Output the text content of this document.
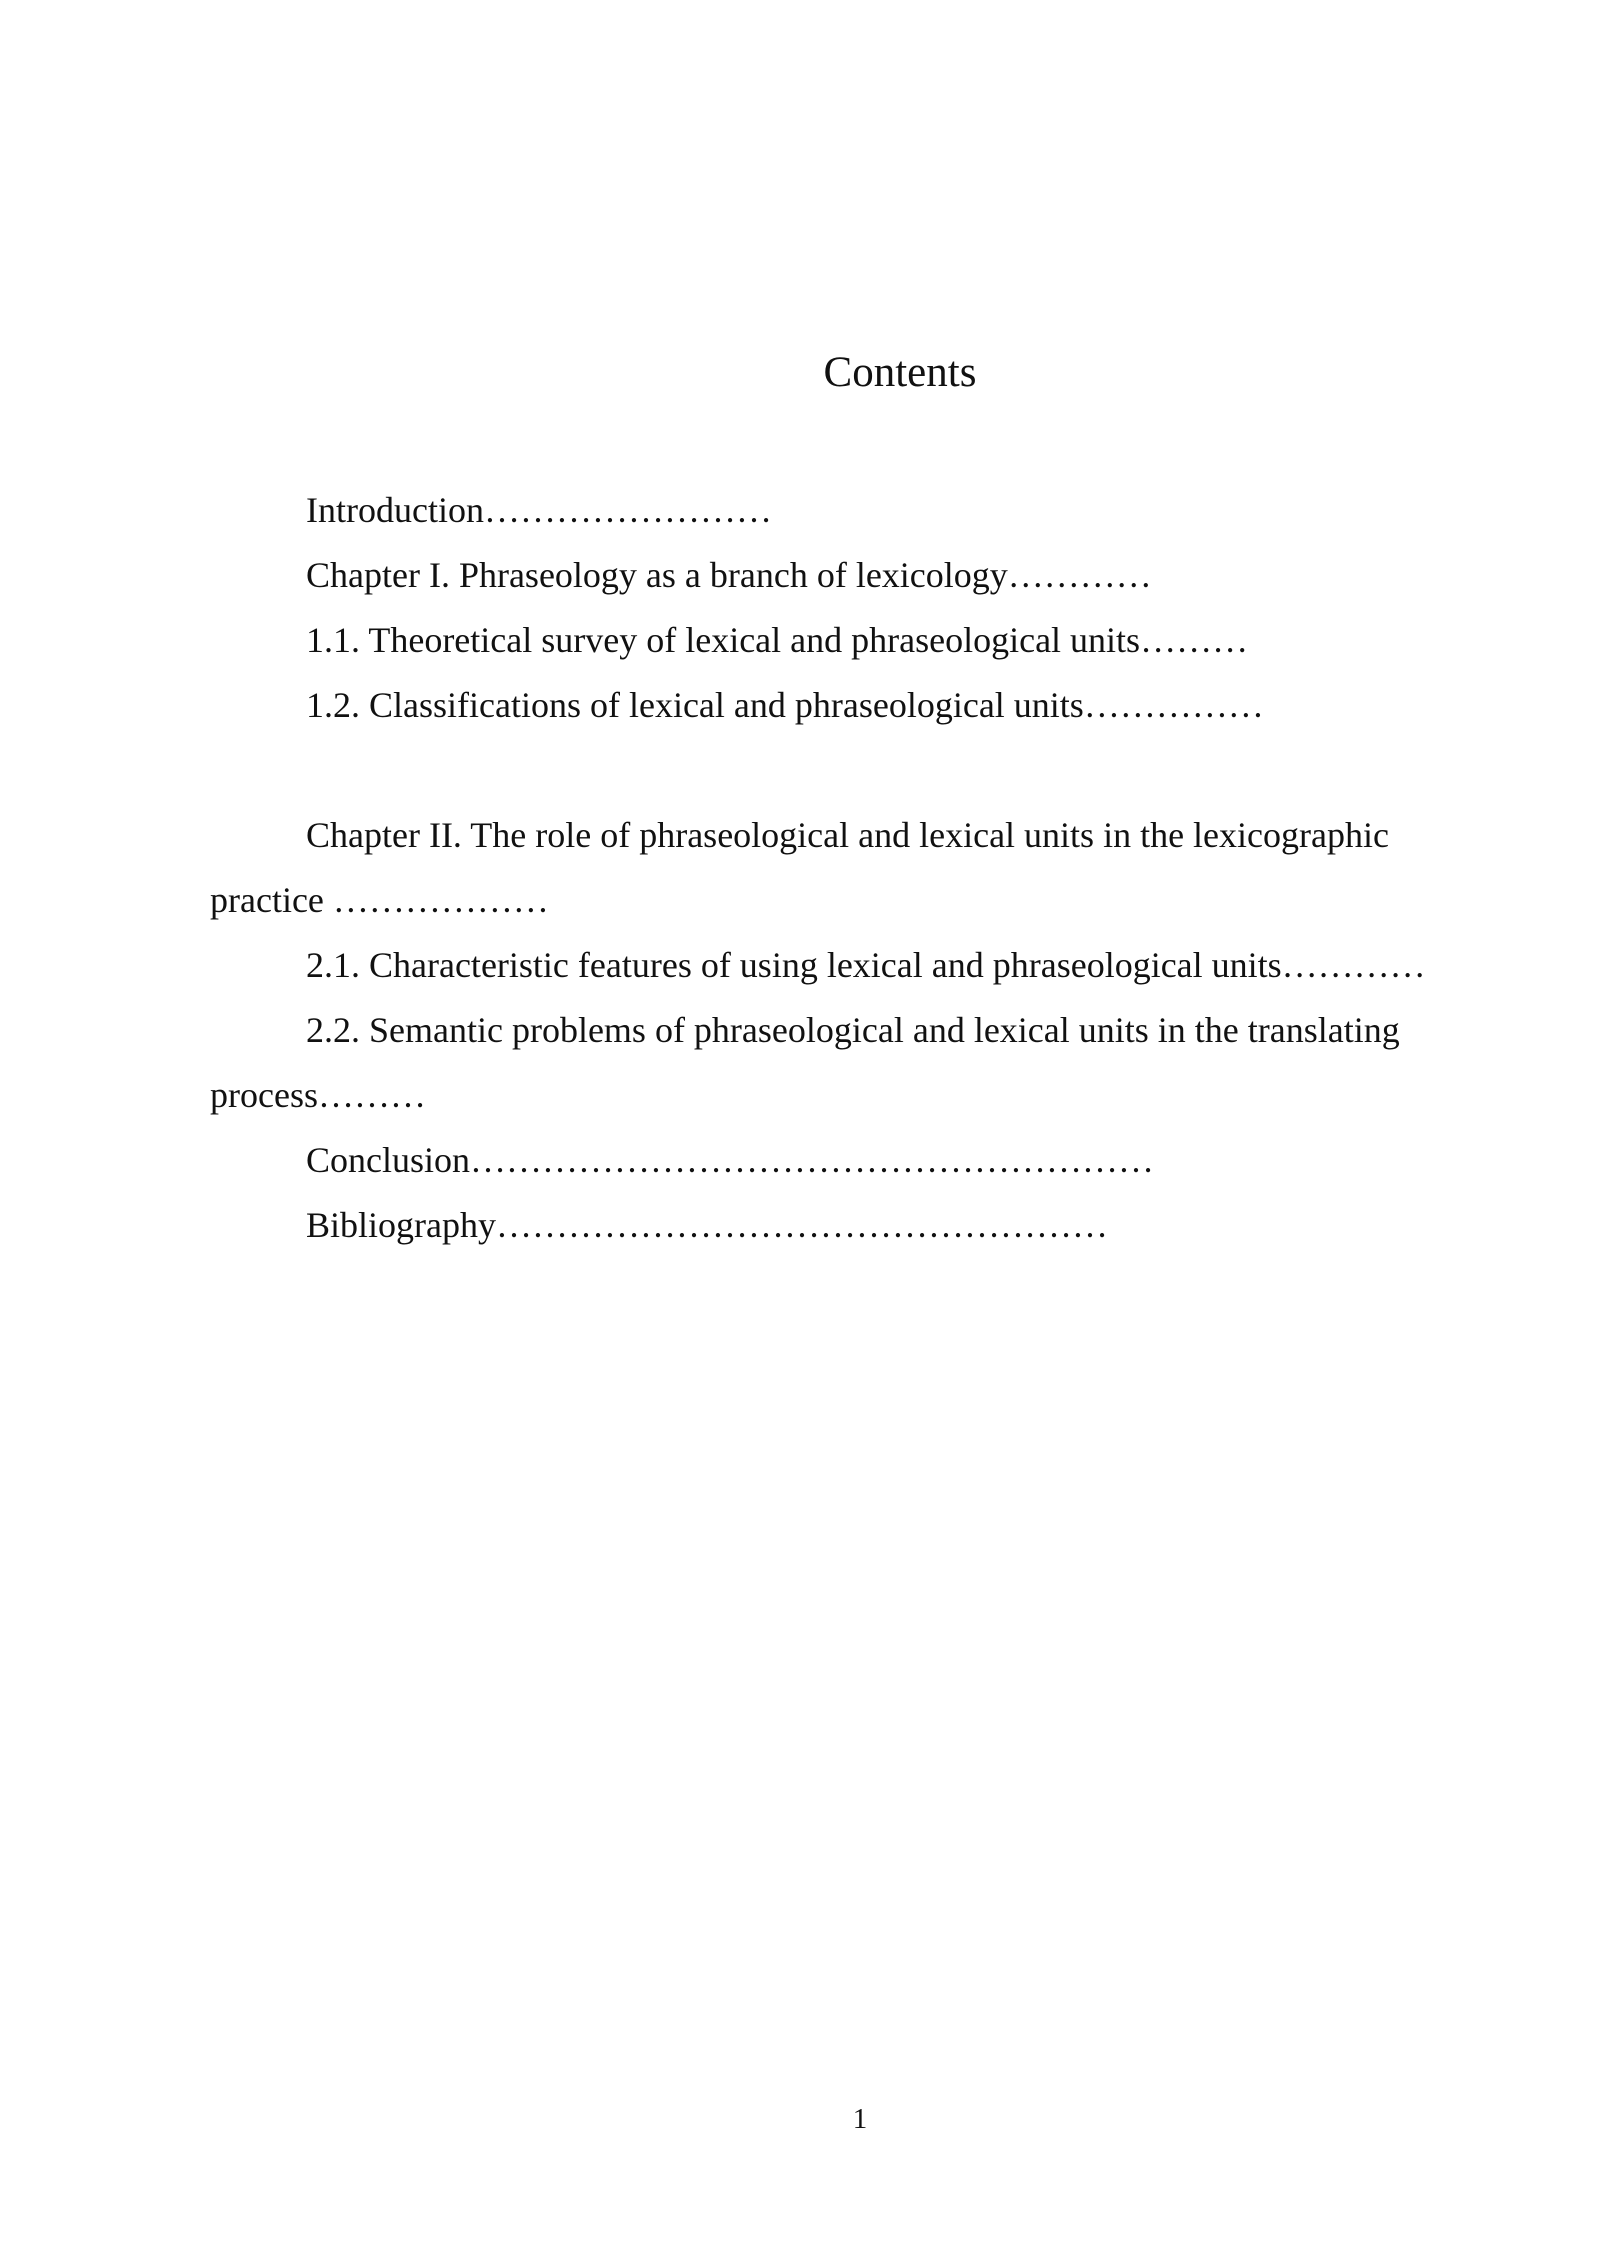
Contents
Introduction……………………
Chapter I. Phraseology as a branch of lexicology…………
1.1. Theoretical survey of lexical and phraseological units………
1.2. Classifications of lexical and phraseological units……………
Chapter II. The role of phraseological and lexical units in the lexicographic
practice ………………
2.1. Characteristic features of using lexical and phraseological units…………
2.2. Semantic problems of phraseological and lexical units in the translating
process………
Conclusion…………………………………………………
Bibliography……………………………………………
1
